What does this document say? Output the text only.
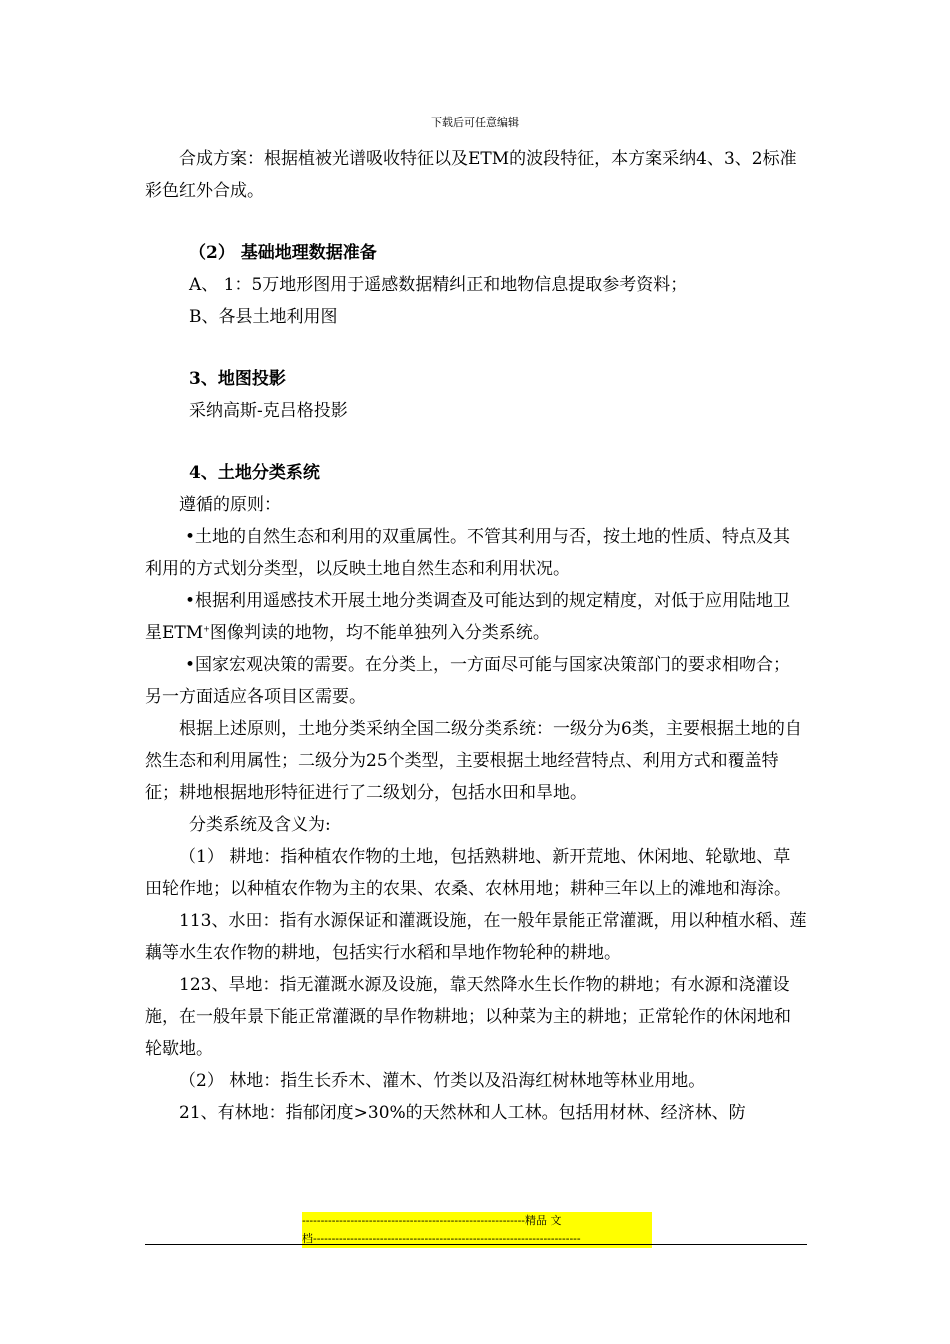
下载后可任意编辑

合成方案：根据植被光谱吸收特征以及ETM的波段特征，本方案采纳4、3、2标准彩色红外合成。

（2） 基础地理数据准备

A、 1：5万地形图用于遥感数据精纠正和地物信息提取参考资料；

B、各县土地利用图

3、地图投影

采纳高斯-克吕格投影

4、土地分类系统

遵循的原则：

•土地的自然生态和利用的双重属性。不管其利用与否，按土地的性质、特点及其利用的方式划分类型，以反映土地自然生态和利用状况。

•根据利用遥感技术开展土地分类调查及可能达到的规定精度，对低于应用陆地卫星ETM+图像判读的地物，均不能单独列入分类系统。

•国家宏观决策的需要。在分类上，一方面尽可能与国家决策部门的要求相吻合；另一方面适应各项目区需要。

根据上述原则，土地分类采纳全国二级分类系统：一级分为6类，主要根据土地的自然生态和利用属性；二级分为25个类型，主要根据土地经营特点、利用方式和覆盖特征；耕地根据地形特征进行了二级划分，包括水田和旱地。

分类系统及含义为:

（1） 耕地：指种植农作物的土地，包括熟耕地、新开荒地、休闲地、轮歇地、草田轮作地；以种植农作物为主的农果、农桑、农林用地；耕种三年以上的滩地和海涂。

113、水田：指有水源保证和灌溉设施，在一般年景能正常灌溉，用以种植水稻、莲藕等水生农作物的耕地，包括实行水稻和旱地作物轮种的耕地。

123、旱地：指无灌溉水源及设施，靠天然降水生长作物的耕地；有水源和浇灌设施，在一般年景下能正常灌溉的旱作物耕地；以种菜为主的耕地；正常轮作的休闲地和轮歇地。

（2） 林地：指生长乔木、灌木、竹类以及沿海红树林地等林业用地。

21、有林地：指郁闭度>30%的天然林和人工林。包括用材林、经济林、防

------------------------------------------------------------精品 文
档------------------------------------------------------------------------
